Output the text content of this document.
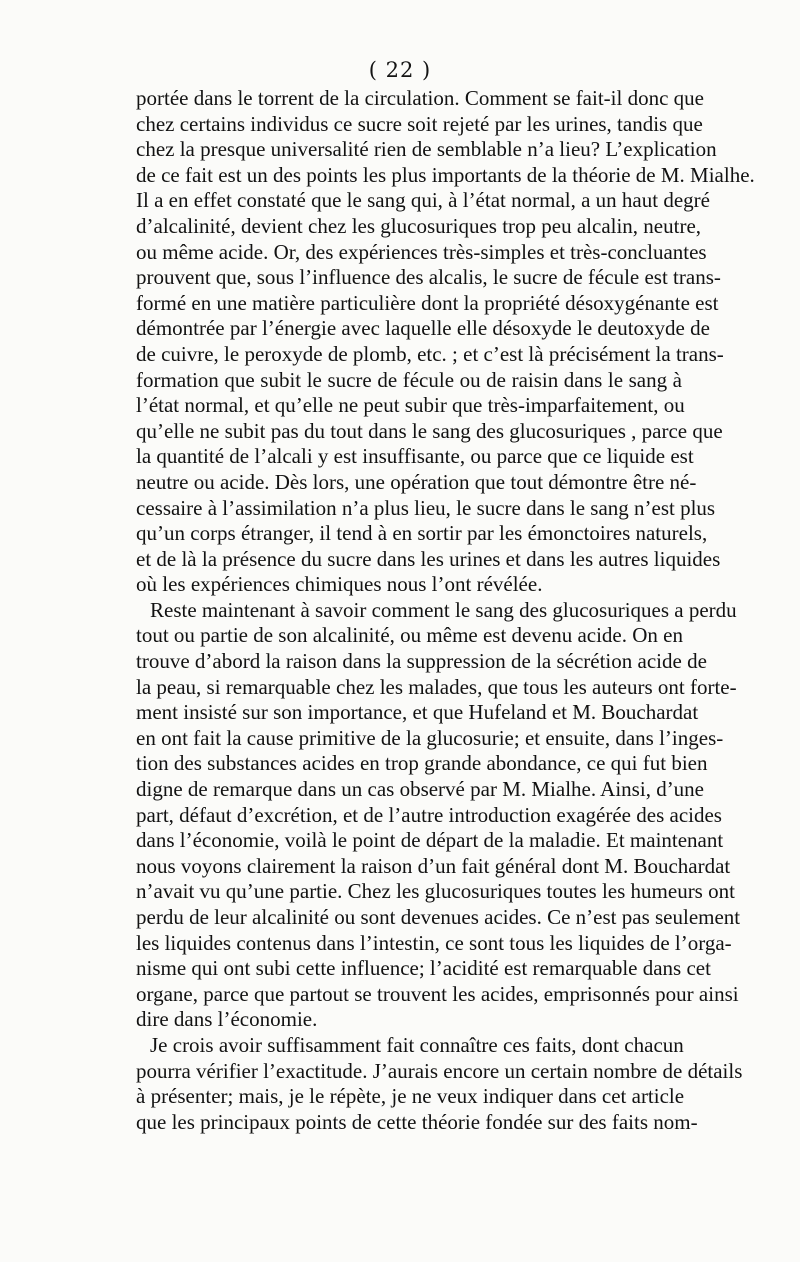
( 22 )
portée dans le torrent de la circulation. Comment se fait-il donc que
chez certains individus ce sucre soit rejeté par les urines, tandis que
chez la presque universalité rien de semblable n’a lieu? L’explication
de ce fait est un des points les plus importants de la théorie de M. Mialhe.
Il a en effet constaté que le sang qui, à l’état normal, a un haut degré
d’alcalinité, devient chez les glucosuriques trop peu alcalin, neutre,
ou même acide. Or, des expériences très-simples et très-concluantes
prouvent que, sous l’influence des alcalis, le sucre de fécule est trans-
formé en une matière particulière dont la propriété désoxygénante est
démontrée par l’énergie avec laquelle elle désoxyde le deutoxyde de
de cuivre, le peroxyde de plomb, etc. ; et c’est là précisément la trans-
formation que subit le sucre de fécule ou de raisin dans le sang à
l’état normal, et qu’elle ne peut subir que très-imparfaitement, ou
qu’elle ne subit pas du tout dans le sang des glucosuriques , parce que
la quantité de l’alcali y est insuffisante, ou parce que ce liquide est
neutre ou acide. Dès lors, une opération que tout démontre être né-
cessaire à l’assimilation n’a plus lieu, le sucre dans le sang n’est plus
qu’un corps étranger, il tend à en sortir par les émonctoires naturels,
et de là la présence du sucre dans les urines et dans les autres liquides
où les expériences chimiques nous l’ont révélée.
Reste maintenant à savoir comment le sang des glucosuriques a perdu
tout ou partie de son alcalinité, ou même est devenu acide. On en
trouve d’abord la raison dans la suppression de la sécrétion acide de
la peau, si remarquable chez les malades, que tous les auteurs ont forte-
ment insisté sur son importance, et que Hufeland et M. Bouchardat
en ont fait la cause primitive de la glucosurie; et ensuite, dans l’inges-
tion des substances acides en trop grande abondance, ce qui fut bien
digne de remarque dans un cas observé par M. Mialhe. Ainsi, d’une
part, défaut d’excrétion, et de l’autre introduction exagérée des acides
dans l’économie, voilà le point de départ de la maladie. Et maintenant
nous voyons clairement la raison d’un fait général dont M. Bouchardat
n’avait vu qu’une partie. Chez les glucosuriques toutes les humeurs ont
perdu de leur alcalinité ou sont devenues acides. Ce n’est pas seulement
les liquides contenus dans l’intestin, ce sont tous les liquides de l’orga-
nisme qui ont subi cette influence; l’acidité est remarquable dans cet
organe, parce que partout se trouvent les acides, emprisonnés pour ainsi
dire dans l’économie.
Je crois avoir suffisamment fait connaître ces faits, dont chacun
pourra vérifier l’exactitude. J’aurais encore un certain nombre de détails
à présenter; mais, je le répète, je ne veux indiquer dans cet article
que les principaux points de cette théorie fondée sur des faits nom-
